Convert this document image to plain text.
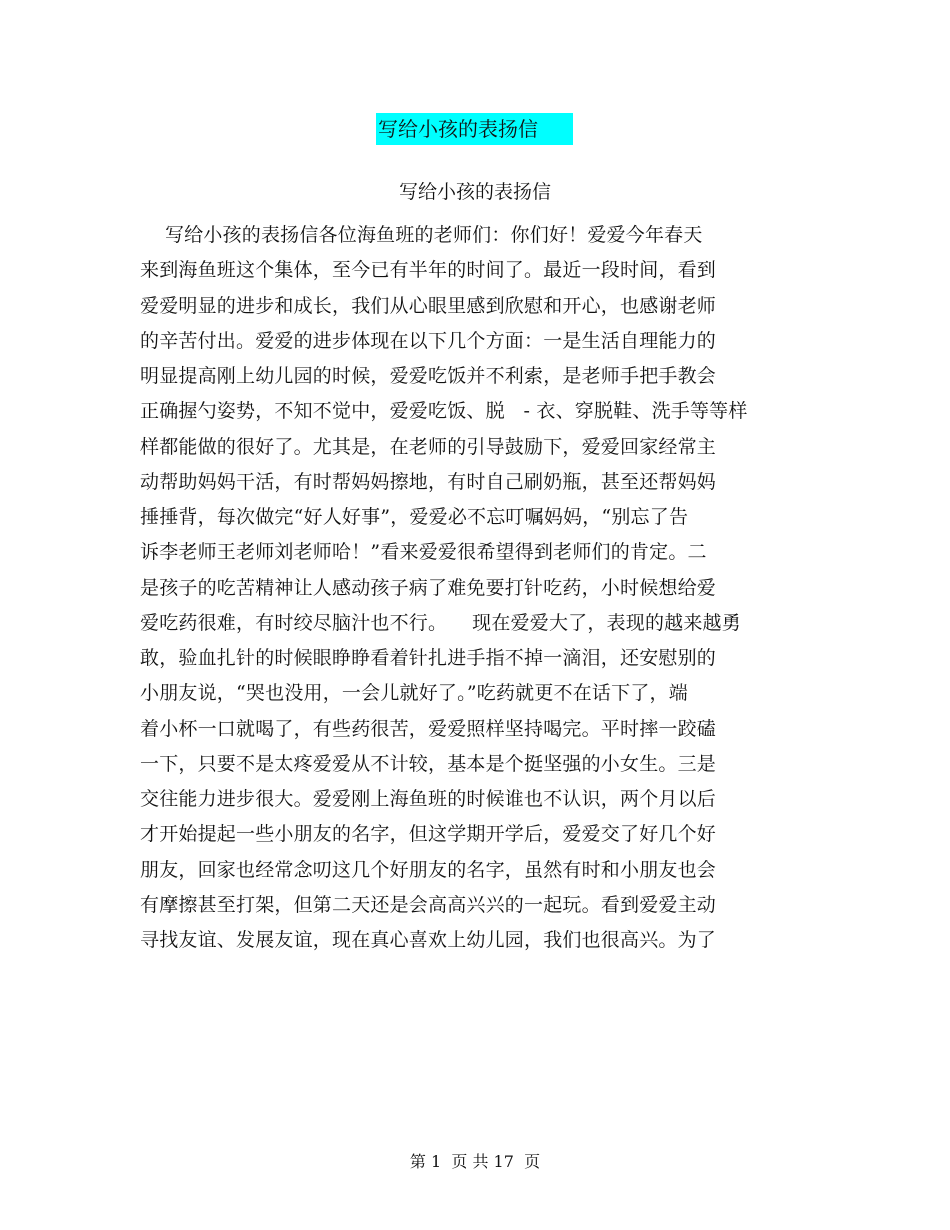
写给小孩的表扬信
写给小孩的表扬信
写给小孩的表扬信各位海鱼班的老师们：你们好！爱爱今年春天
来到海鱼班这个集体，至今已有半年的时间了。最近一段时间，看到
爱爱明显的进步和成长，我们从心眼里感到欣慰和开心，也感谢老师
的辛苦付出。爱爱的进步体现在以下几个方面：一是生活自理能力的
明显提高刚上幼儿园的时候，爱爱吃饭并不利索，是老师手把手教会
正确握勺姿势，不知不觉中，爱爱吃饭、脱   - 衣、穿脱鞋、洗手等等样
样都能做的很好了。尤其是，在老师的引导鼓励下，爱爱回家经常主
动帮助妈妈干活，有时帮妈妈擦地，有时自己刷奶瓶，甚至还帮妈妈
捶捶背，每次做完“好人好事”，爱爱必不忘叮嘱妈妈，“别忘了告
诉李老师王老师刘老师哈！”看来爱爱很希望得到老师们的肯定。二
是孩子的吃苦精神让人感动孩子病了难免要打针吃药，小时候想给爱
爱吃药很难，有时绞尽脑汁也不行。    现在爱爱大了，表现的越来越勇
敢，验血扎针的时候眼睁睁看着针扎进手指不掉一滴泪，还安慰别的
小朋友说，“哭也没用，一会儿就好了。”吃药就更不在话下了，端
着小杯一口就喝了，有些药很苦，爱爱照样坚持喝完。平时摔一跤磕
一下，只要不是太疼爱爱从不计较，基本是个挺坚强的小女生。三是
交往能力进步很大。爱爱刚上海鱼班的时候谁也不认识，两个月以后
才开始提起一些小朋友的名字，但这学期开学后，爱爱交了好几个好
朋友，回家也经常念叨这几个好朋友的名字，虽然有时和小朋友也会
有摩擦甚至打架，但第二天还是会高高兴兴的一起玩。看到爱爱主动
寻找友谊、发展友谊，现在真心喜欢上幼儿园，我们也很高兴。为了
第 1  页 共 17  页
